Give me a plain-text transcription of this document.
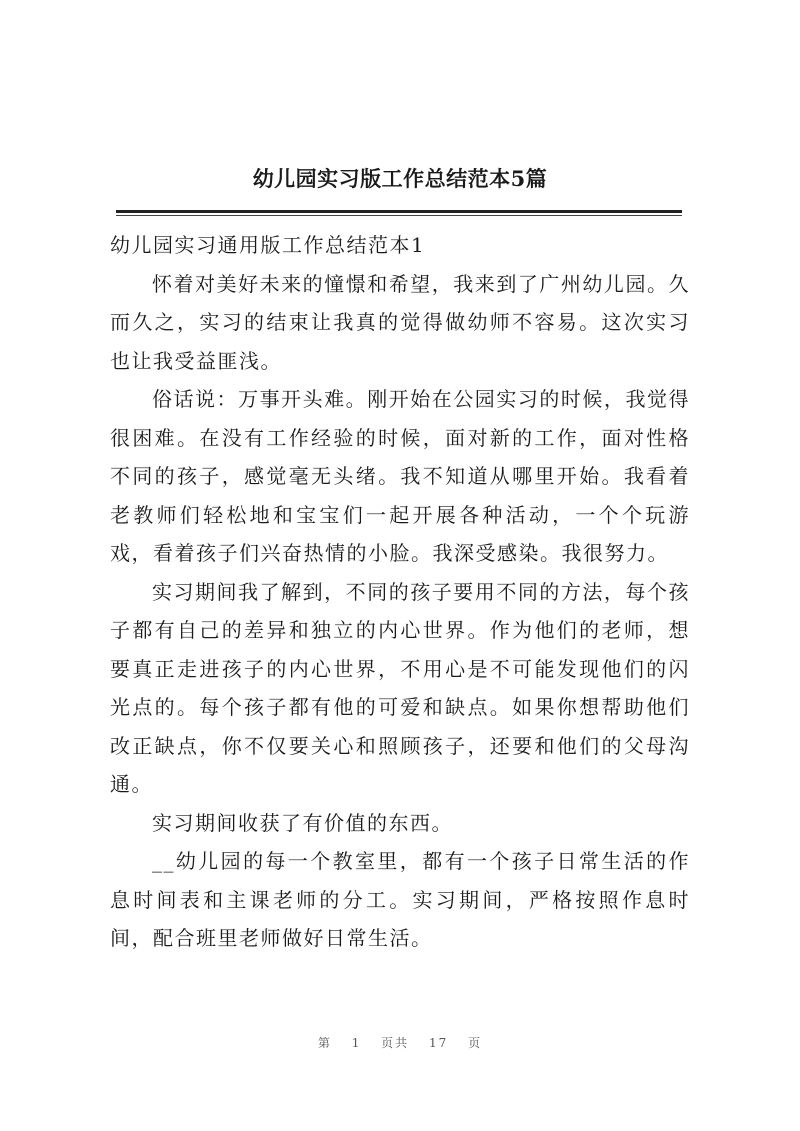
幼儿园实习版工作总结范本5篇

幼儿园实习通用版工作总结范本1

怀着对美好未来的憧憬和希望，我来到了广州幼儿园。久而久之，实习的结束让我真的觉得做幼师不容易。这次实习也让我受益匪浅。

俗话说：万事开头难。刚开始在公园实习的时候，我觉得很困难。在没有工作经验的时候，面对新的工作，面对性格不同的孩子，感觉毫无头绪。我不知道从哪里开始。我看着老教师们轻松地和宝宝们一起开展各种活动，一个个玩游戏，看着孩子们兴奋热情的小脸。我深受感染。我很努力。

实习期间我了解到，不同的孩子要用不同的方法，每个孩子都有自己的差异和独立的内心世界。作为他们的老师，想要真正走进孩子的内心世界，不用心是不可能发现他们的闪光点的。每个孩子都有他的可爱和缺点。如果你想帮助他们改正缺点，你不仅要关心和照顾孩子，还要和他们的父母沟通。

实习期间收获了有价值的东西。

__幼儿园的每一个教室里，都有一个孩子日常生活的作息时间表和主课老师的分工。实习期间，严格按照作息时间，配合班里老师做好日常生活。

第 1 页共 17 页
